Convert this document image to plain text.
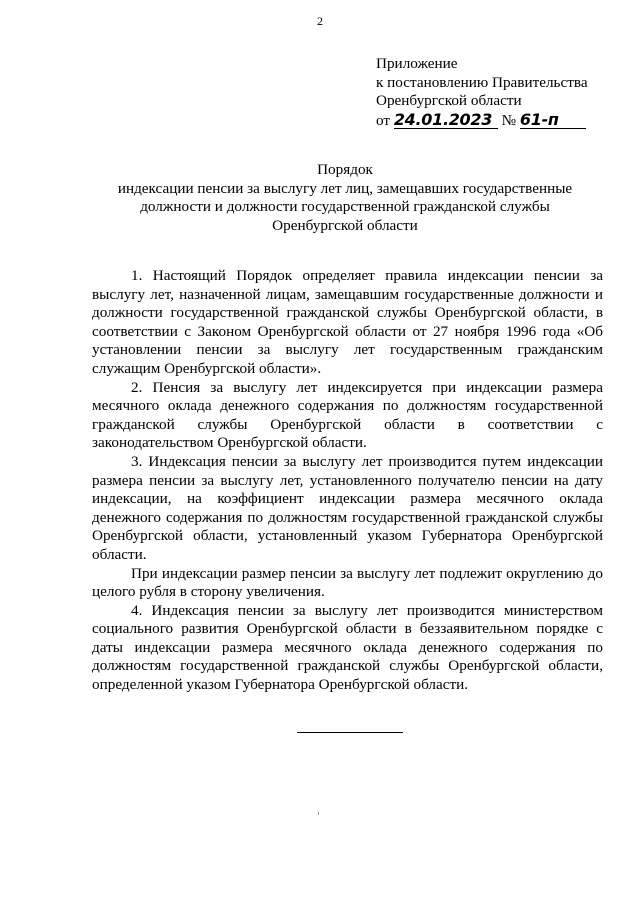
2
Приложение
к постановлению Правительства
Оренбургской области
от 24.01.2023 № 61-п
Порядок
индексации пенсии за выслугу лет лиц, замещавших государственные
должности и должности государственной гражданской службы
Оренбургской области

1. Настоящий Порядок определяет правила индексации пенсии за выслугу лет, назначенной лицам, замещавшим государственные должности и должности государственной гражданской службы Оренбургской области, в соответствии с Законом Оренбургской области от 27 ноября 1996 года «Об установлении пенсии за выслугу лет государственным гражданским служащим Оренбургской области».

2. Пенсия за выслугу лет индексируется при индексации размера месячного оклада денежного содержания по должностям государственной гражданской службы Оренбургской области в соответствии с законодательством Оренбургской области.

3. Индексация пенсии за выслугу лет производится путем индексации размера пенсии за выслугу лет, установленного получателю пенсии на дату индексации, на коэффициент индексации размера месячного оклада денежного содержания по должностям государственной гражданской службы Оренбургской области, установленный указом Губернатора Оренбургской области.

При индексации размер пенсии за выслугу лет подлежит округлению до целого рубля в сторону увеличения.

4. Индексация пенсии за выслугу лет производится министерством социального развития Оренбургской области в беззаявительном порядке с даты индексации размера месячного оклада денежного содержания по должностям государственной гражданской службы Оренбургской области, определенной указом Губернатора Оренбургской области.
